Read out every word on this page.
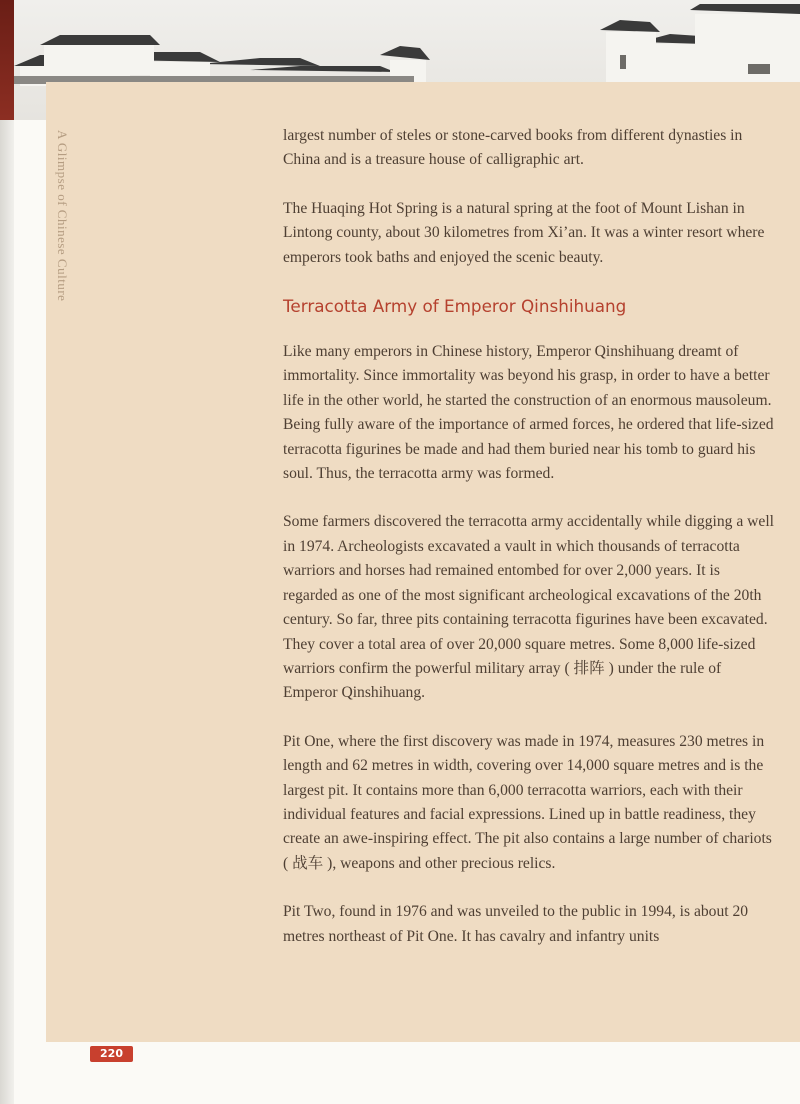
A Glimpse of Chinese Culture	largest number of steles or stone-carved books from different dynasties in China and is a treasure house of calligraphic art.

The Huaqing Hot Spring is a natural spring at the foot of Mount Lishan in Lintong county, about 30 kilometres from Xi’an. It was a winter resort where emperors took baths and enjoyed the scenic beauty.

Terracotta Army of Emperor Qinshihuang

Like many emperors in Chinese history, Emperor Qinshihuang dreamt of immortality. Since immortality was beyond his grasp, in order to have a better life in the other world, he started the construction of an enormous mausoleum. Being fully aware of the importance of armed forces, he ordered that life-sized terracotta figurines be made and had them buried near his tomb to guard his soul. Thus, the terracotta army was formed.

Some farmers discovered the terracotta army accidentally while digging a well in 1974. Archeologists excavated a vault in which thousands of terracotta warriors and horses had remained entombed for over 2,000 years. It is regarded as one of the most significant archeological excavations of the 20th century. So far, three pits containing terracotta figurines have been excavated. They cover a total area of over 20,000 square metres. Some 8,000 life-sized warriors confirm the powerful military array ( 排阵 ) under the rule of Emperor Qinshihuang.

Pit One, where the first discovery was made in 1974, measures 230 metres in length and 62 metres in width, covering over 14,000 square metres and is the largest pit. It contains more than 6,000 terracotta warriors, each with their individual features and facial expressions. Lined up in battle readiness, they create an awe-inspiring effect. The pit also contains a large number of chariots ( 战车 ), weapons and other precious relics.

Pit Two, found in 1976 and was unveiled to the public in 1994, is about 20 metres northeast of Pit One. It has cavalry and infantry units

220
